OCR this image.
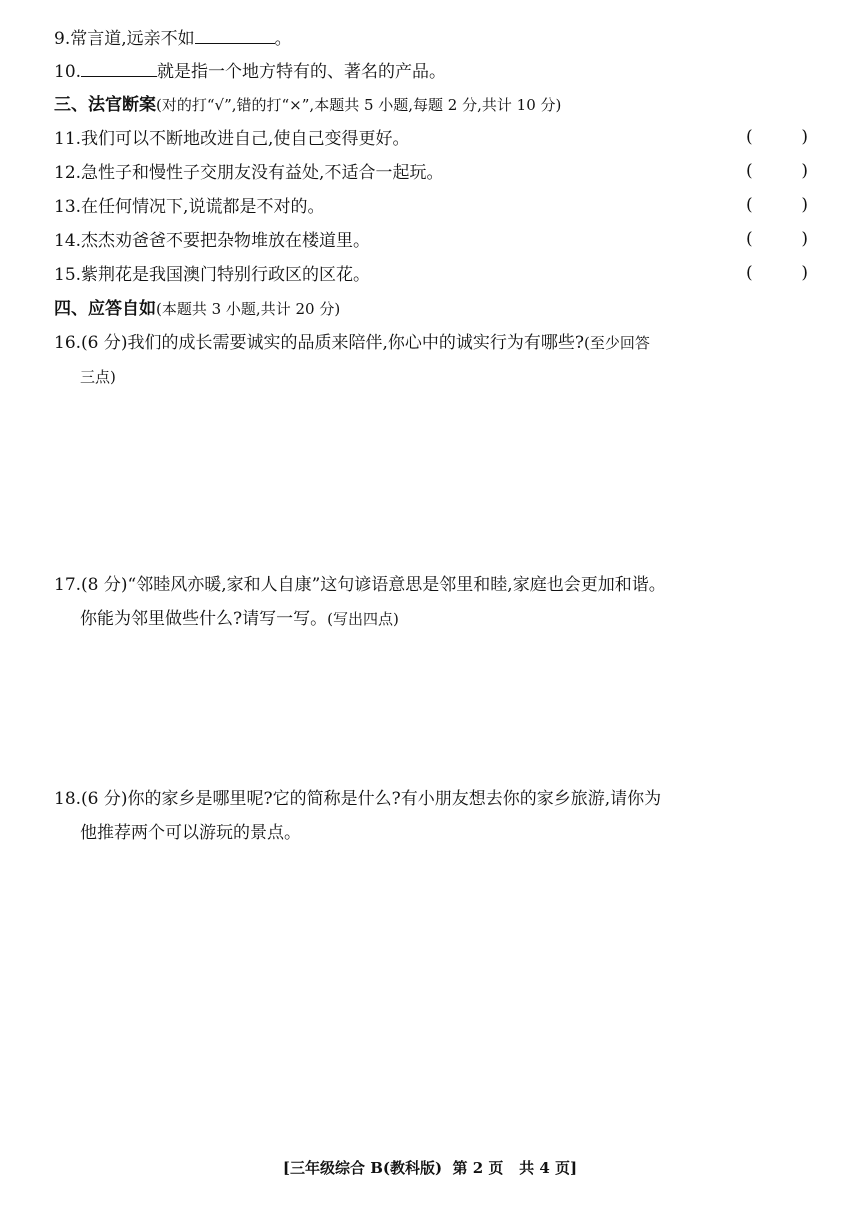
9.常言道,远亲不如	。
10.	就是指一个地方特有的、著名的产品。
三、法官断案(对的打“√”,错的打“×”,本题共 5 小题,每题 2 分,共计 10 分)
11.我们可以不断地改进自己,使自己变得更好。	(	)
12.急性子和慢性子交朋友没有益处,不适合一起玩。	(	)
13.在任何情况下,说谎都是不对的。	(	)
14.杰杰劝爸爸不要把杂物堆放在楼道里。	(	)
15.紫荆花是我国澳门特别行政区的区花。	(	)
四、应答自如(本题共 3 小题,共计 20 分)
16.(6 分)我们的成长需要诚实的品质来陪伴,你心中的诚实行为有哪些?(至少回答
三点)
17.(8 分)“邻睦风亦暖,家和人自康”这句谚语意思是邻里和睦,家庭也会更加和谐。
你能为邻里做些什么?请写一写。(写出四点)
18.(6 分)你的家乡是哪里呢?它的简称是什么?有小朋友想去你的家乡旅游,请你为
他推荐两个可以游玩的景点。
[三年级综合 B(教科版)  第 2 页   共 4 页]
